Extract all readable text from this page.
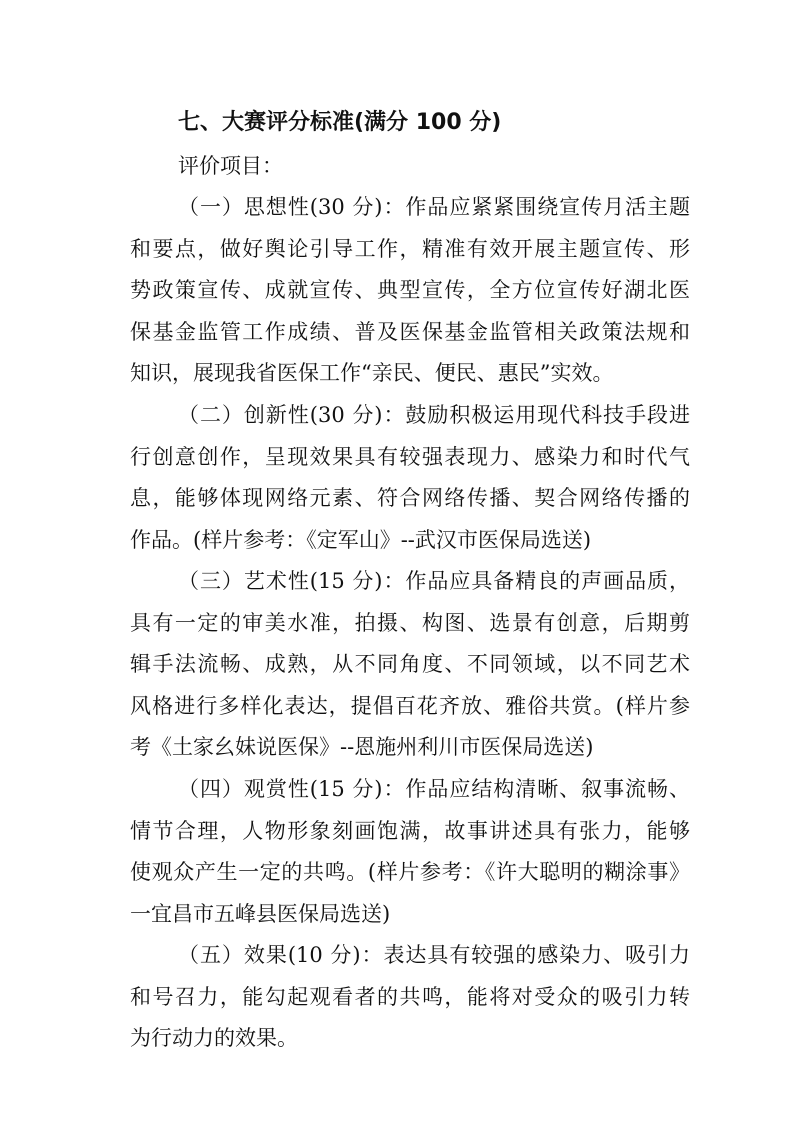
七、大赛评分标准(满分 100 分)
评价项目：
（一）思想性(30 分)：作品应紧紧围绕宣传月活主题
和要点，做好舆论引导工作，精准有效开展主题宣传、形
势政策宣传、成就宣传、典型宣传，全方位宣传好湖北医
保基金监管工作成绩、普及医保基金监管相关政策法规和
知识，展现我省医保工作“亲民、便民、惠民”实效。
（二）创新性(30 分)：鼓励积极运用现代科技手段进
行创意创作，呈现效果具有较强表现力、感染力和时代气
息，能够体现网络元素、符合网络传播、契合网络传播的
作品。(样片参考：《定军山》--武汉市医保局选送)
（三）艺术性(15 分)：作品应具备精良的声画品质，
具有一定的审美水准，拍摄、构图、选景有创意，后期剪
辑手法流畅、成熟，从不同角度、不同领域，以不同艺术
风格进行多样化表达，提倡百花齐放、雅俗共赏。(样片参
考《土家幺妹说医保》--恩施州利川市医保局选送)
（四）观赏性(15 分)：作品应结构清晰、叙事流畅、
情节合理，人物形象刻画饱满，故事讲述具有张力，能够
使观众产生一定的共鸣。(样片参考：《许大聪明的糊涂事》
一宜昌市五峰县医保局选送)
（五）效果(10 分)：表达具有较强的感染力、吸引力
和号召力，能勾起观看者的共鸣，能将对受众的吸引力转
为行动力的效果。
